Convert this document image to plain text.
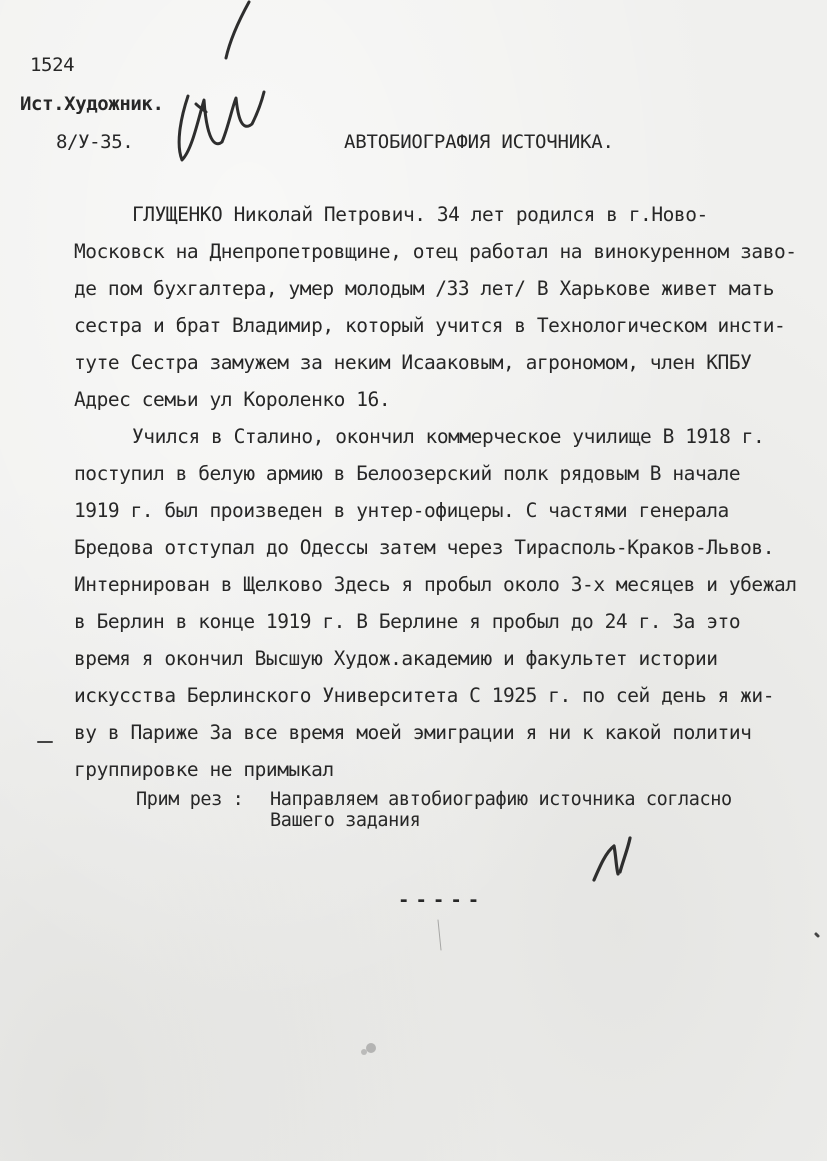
1524

Ист.Художник.

8/У-35.	АВТОБИОГРАФИЯ ИСТОЧНИКА.

ГЛУЩЕНКО Николай Петрович. 34 лет родился в г.Ново-

Московск на Днепропетровщине, отец работал на винокуренном заво-

де пом бухгалтера, умер молодым /33 лет/ В Харькове живет мать

сестра и брат Владимир, который учится в Технологическом инсти-

туте Сестра замужем за неким Исааковым, агрономом, член КПБУ

Адрес семьи ул Короленко 16.

Учился в Сталино, окончил коммерческое училище В 1918 г.

поступил в белую армию в Белоозерский полк рядовым В начале

1919 г. был произведен в унтер-офицеры. С частями генерала

Бредова отступал до Одессы затем через Тирасполь-Краков-Львов.

Интернирован в Щелково Здесь я пробыл около 3-х месяцев и убежал

в Берлин в конце 1919 г. В Берлине я пробыл до 24 г. За это

время я окончил Высшую Худож.академию и факультет истории

искусства Берлинского Университета С 1925 г. по сей день я жи-

ву в Париже За все время моей эмиграции я ни к какой политич

группировке не примыкал

Прим рез : Направляем автобиографию источника согласно

Вашего задания

-----
